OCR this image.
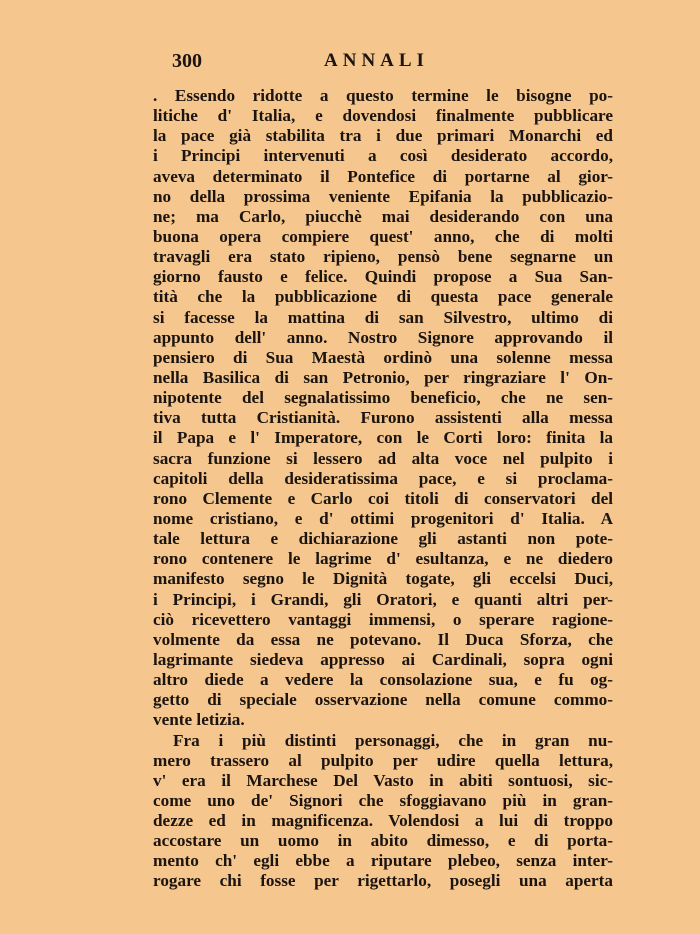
300	ANNALI
. Essendo ridotte a questo termine le bisogne po-
litiche d' Italia, e dovendosi finalmente pubblicare
la pace già stabilita tra i due primari Monarchi ed
i Principi intervenuti a così desiderato accordo,
aveva determinato il Pontefice di portarne al gior-
no della prossima veniente Epifania la pubblicazio-
ne; ma Carlo, piucchè mai desiderando con una
buona opera compiere quest' anno, che di molti
travagli era stato ripieno, pensò bene segnarne un
giorno fausto e felice. Quindi propose a Sua San-
tità che la pubblicazione di questa pace generale
si facesse la mattina di san Silvestro, ultimo di
appunto dell' anno. Nostro Signore approvando il
pensiero di Sua Maestà ordinò una solenne messa
nella Basilica di san Petronio, per ringraziare l' On-
nipotente del segnalatissimo beneficio, che ne sen-
tiva tutta Cristianità. Furono assistenti alla messa
il Papa e l' Imperatore, con le Corti loro: finita la
sacra funzione si lessero ad alta voce nel pulpito i
capitoli della desideratissima pace, e si proclama-
rono Clemente e Carlo coi titoli di conservatori del
nome cristiano, e d' ottimi progenitori d' Italia. A
tale lettura e dichiarazione gli astanti non pote-
rono contenere le lagrime d' esultanza, e ne diedero
manifesto segno le Dignità togate, gli eccelsi Duci,
i Principi, i Grandi, gli Oratori, e quanti altri per-
ciò ricevettero vantaggi immensi, o sperare ragione-
volmente da essa ne potevano. Il Duca Sforza, che
lagrimante siedeva appresso ai Cardinali, sopra ogni
altro diede a vedere la consolazione sua, e fu og-
getto di speciale osservazione nella comune commo-
vente letizia.
Fra i più distinti personaggi, che in gran nu-
mero trassero al pulpito per udire quella lettura,
v' era il Marchese Del Vasto in abiti sontuosi, sic-
come uno de' Signori che sfoggiavano più in gran-
dezze ed in magnificenza. Volendosi a lui di troppo
accostare un uomo in abito dimesso, e di porta-
mento ch' egli ebbe a riputare plebeo, senza inter-
rogare chi fosse per rigettarlo, posegli una aperta
